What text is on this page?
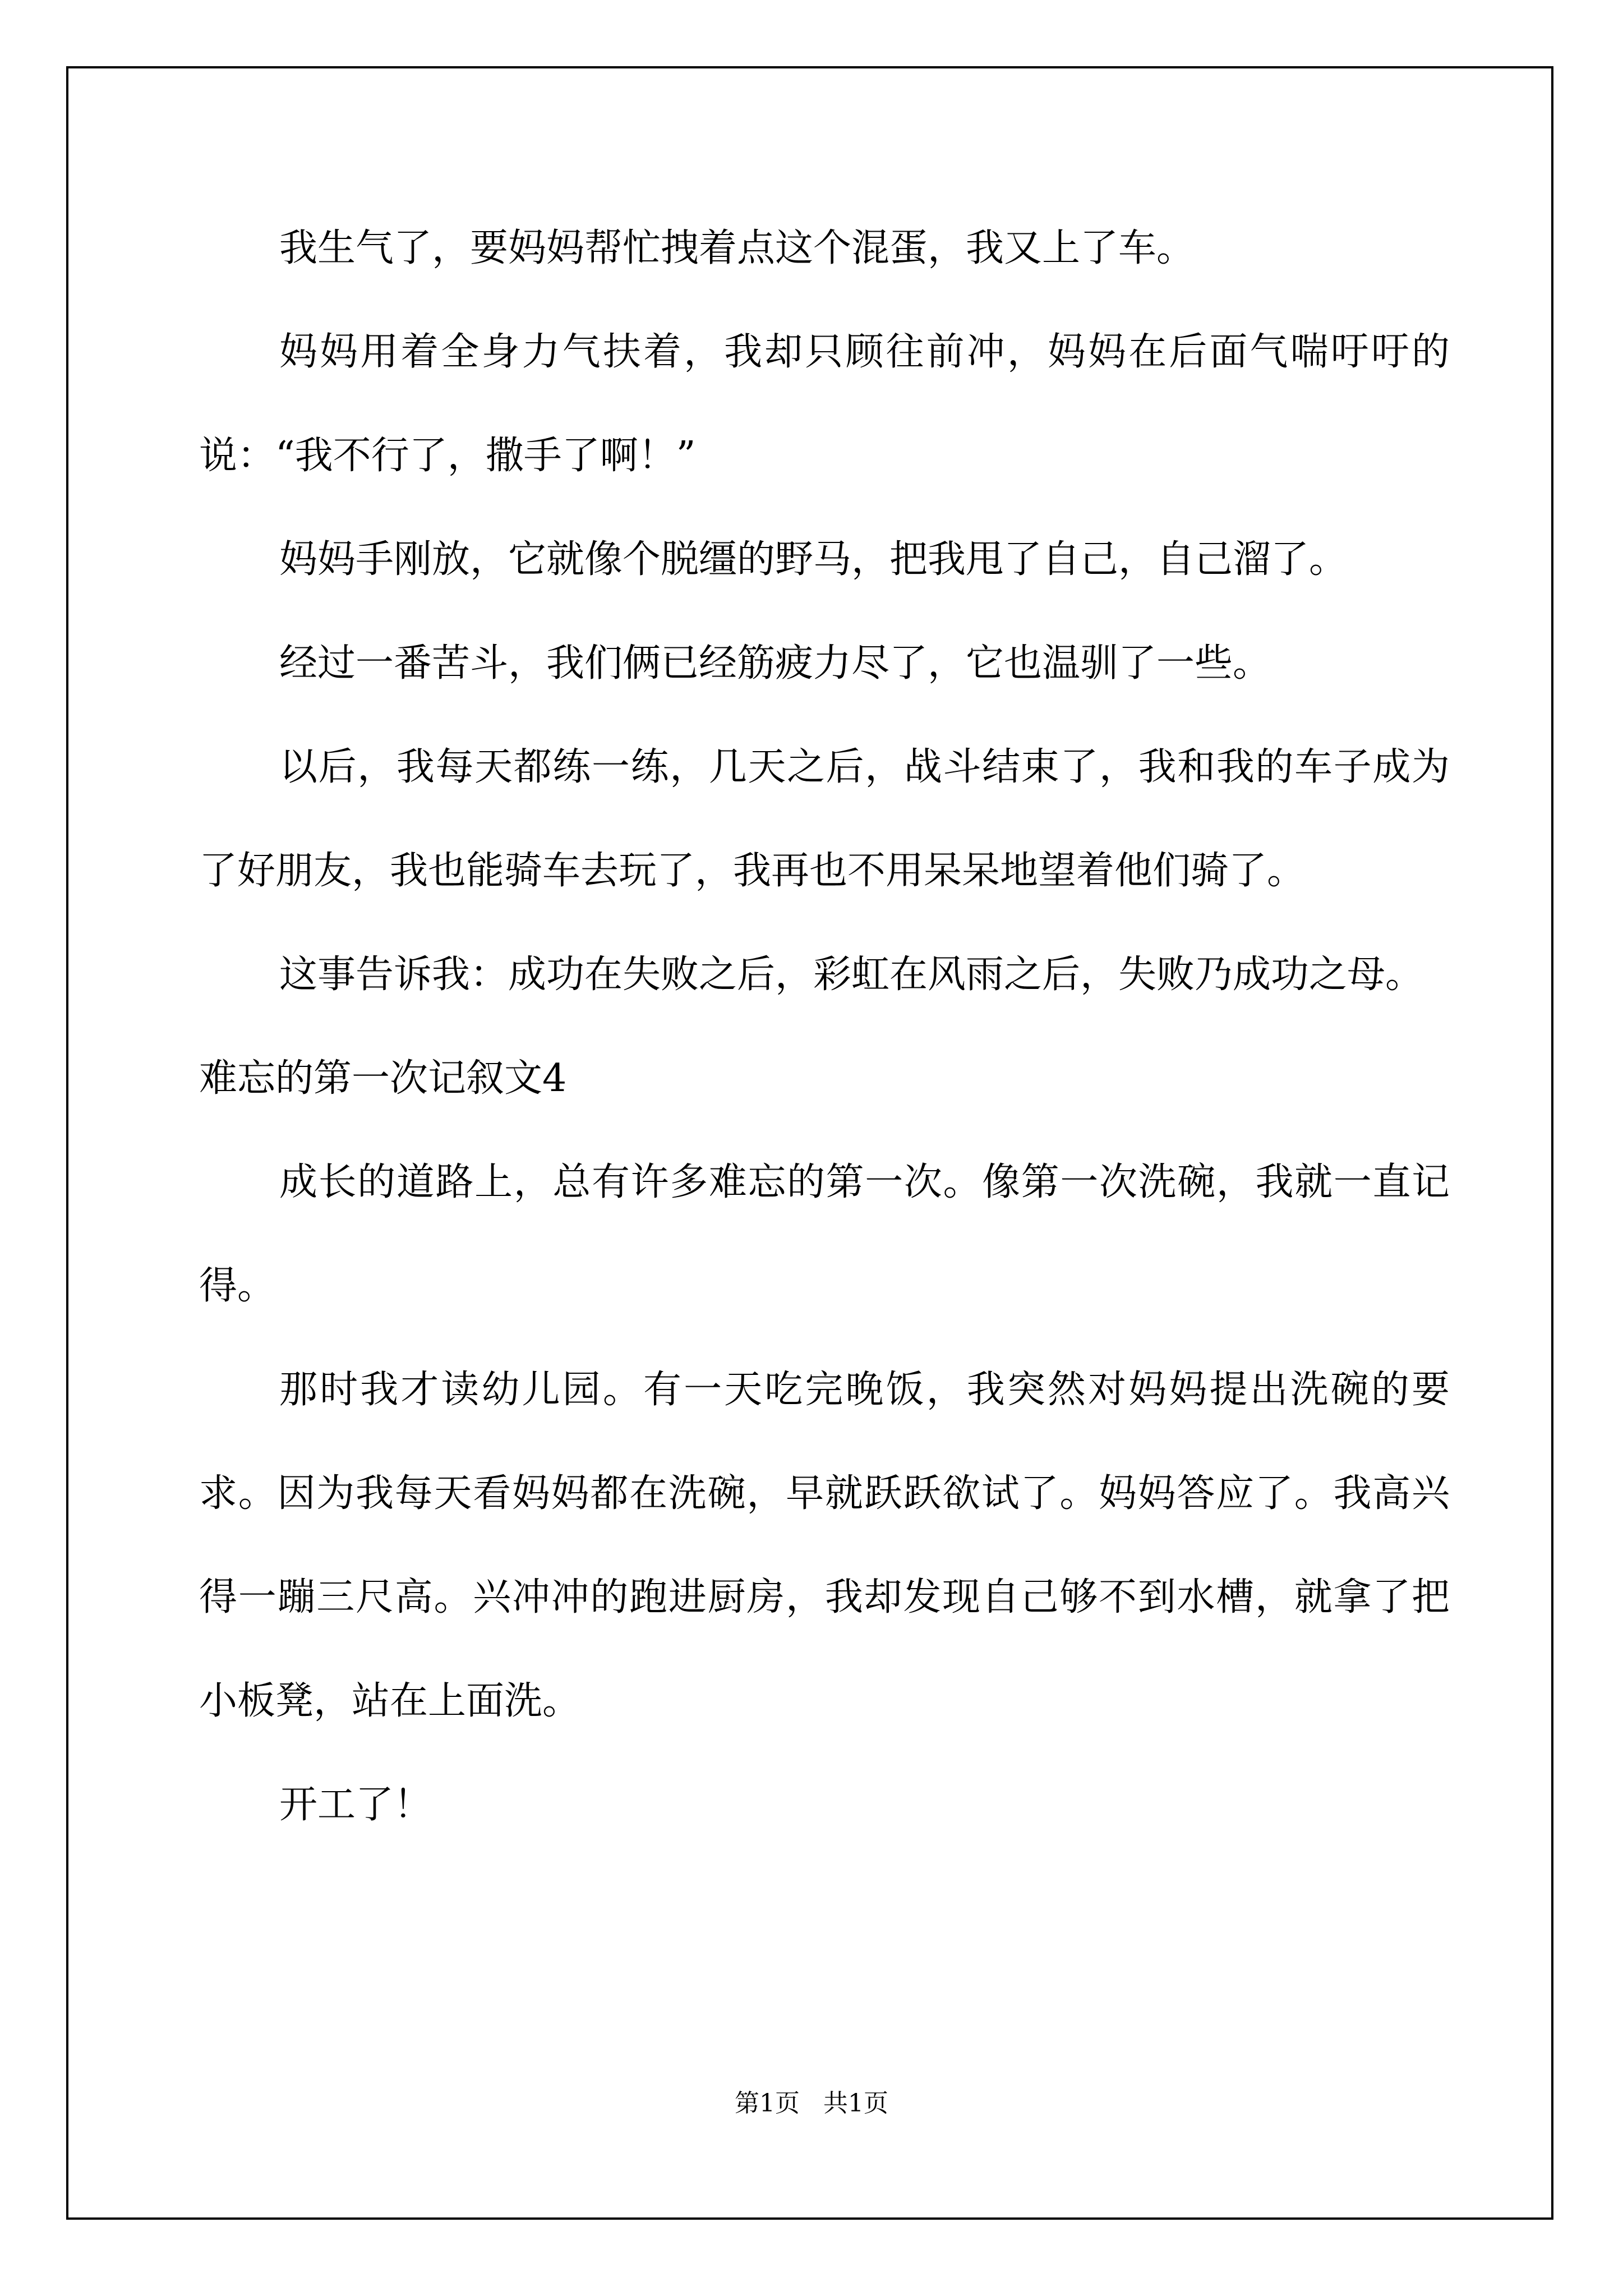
我生气了，要妈妈帮忙拽着点这个混蛋，我又上了车。

妈妈用着全身力气扶着，我却只顾往前冲，妈妈在后面气喘吁吁的说：“我不行了，撒手了啊！”

妈妈手刚放，它就像个脱缰的野马，把我甩了自己，自己溜了。

经过一番苦斗，我们俩已经筋疲力尽了，它也温驯了一些。

以后，我每天都练一练，几天之后，战斗结束了，我和我的车子成为了好朋友，我也能骑车去玩了，我再也不用呆呆地望着他们骑了。

这事告诉我：成功在失败之后，彩虹在风雨之后，失败乃成功之母。

难忘的第一次记叙文4

成长的道路上，总有许多难忘的第一次。像第一次洗碗，我就一直记得。

那时我才读幼儿园。有一天吃完晚饭，我突然对妈妈提出洗碗的要求。因为我每天看妈妈都在洗碗，早就跃跃欲试了。妈妈答应了。我高兴得一蹦三尺高。兴冲冲的跑进厨房，我却发现自己够不到水槽，就拿了把小板凳，站在上面洗。

开工了！

第1页   共1页
